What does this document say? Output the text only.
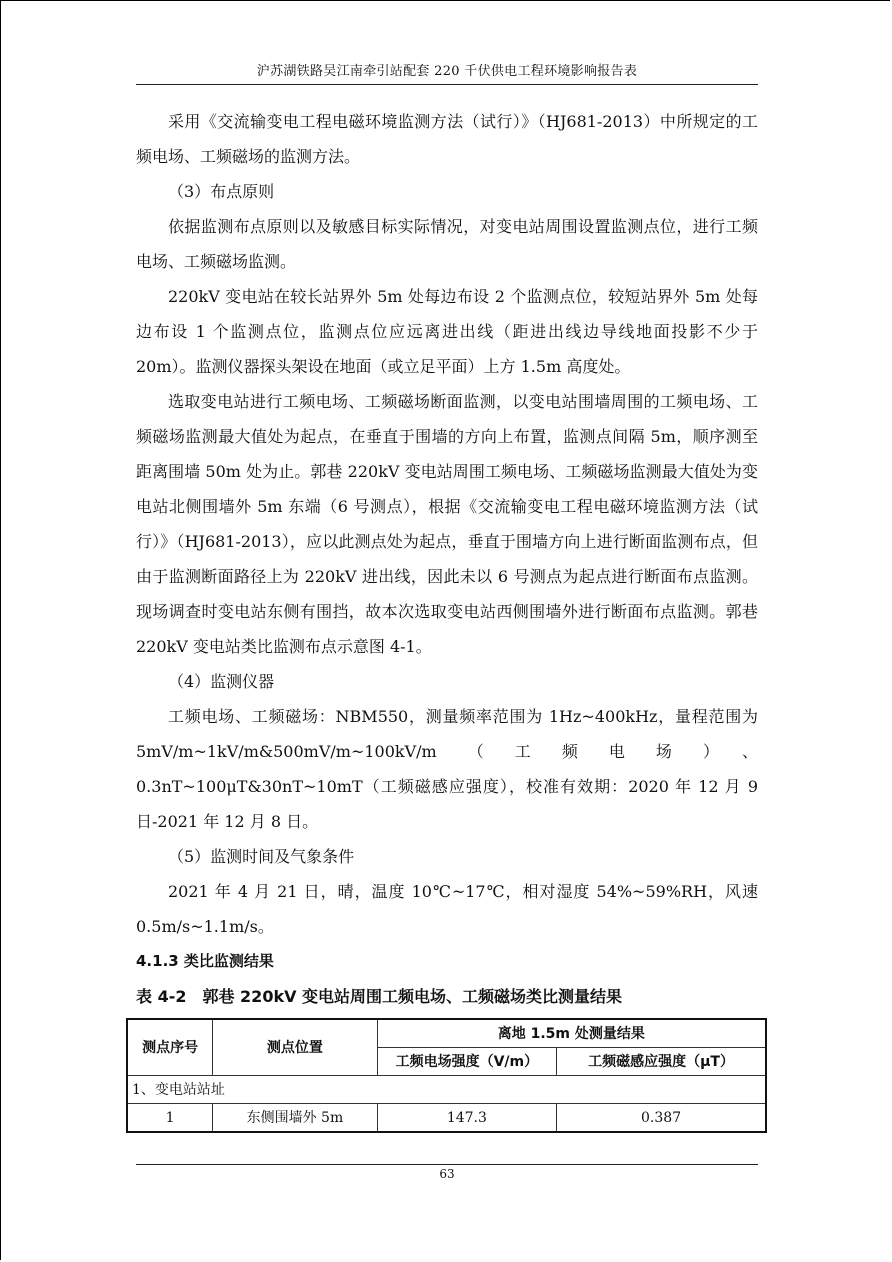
沪苏湖铁路吴江南牵引站配套 220 千伏供电工程环境影响报告表

采用《交流输变电工程电磁环境监测方法（试行）》（HJ681-2013）中所规定的工频电场、工频磁场的监测方法。

（3）布点原则

依据监测布点原则以及敏感目标实际情况，对变电站周围设置监测点位，进行工频电场、工频磁场监测。

220kV 变电站在较长站界外 5m 处每边布设 2 个监测点位，较短站界外 5m 处每边布设 1 个监测点位，监测点位应远离进出线（距进出线边导线地面投影不少于 20m）。监测仪器探头架设在地面（或立足平面）上方 1.5m 高度处。

选取变电站进行工频电场、工频磁场断面监测，以变电站围墙周围的工频电场、工频磁场监测最大值处为起点，在垂直于围墙的方向上布置，监测点间隔 5m，顺序测至距离围墙 50m 处为止。郭巷 220kV 变电站周围工频电场、工频磁场监测最大值处为变电站北侧围墙外 5m 东端（6 号测点），根据《交流输变电工程电磁环境监测方法（试行）》（HJ681-2013），应以此测点处为起点，垂直于围墙方向上进行断面监测布点，但由于监测断面路径上为 220kV 进出线，因此未以 6 号测点为起点进行断面布点监测。现场调查时变电站东侧有围挡，故本次选取变电站西侧围墙外进行断面布点监测。郭巷 220kV 变电站类比监测布点示意图 4-1。

（4）监测仪器

工频电场、工频磁场：NBM550，测量频率范围为 1Hz~400kHz，量程范围为 5mV/m~1kV/m&500mV/m~100kV/m（工频电场）、0.3nT~100μT&30nT~10mT（工频磁感应强度），校准有效期：2020 年 12 月 9 日-2021 年 12 月 8 日。

（5）监测时间及气象条件

2021 年 4 月 21 日，晴，温度 10℃~17℃，相对湿度 54%~59%RH，风速 0.5m/s~1.1m/s。

4.1.3 类比监测结果

表 4-2　郭巷 220kV 变电站周围工频电场、工频磁场类比测量结果

测点序号	测点位置	离地 1.5m 处测量结果	
		工频电场强度（V/m）	工频磁感应强度（μT）
1、变电站站址			
1	东侧围墙外 5m	147.3	0.387
63
